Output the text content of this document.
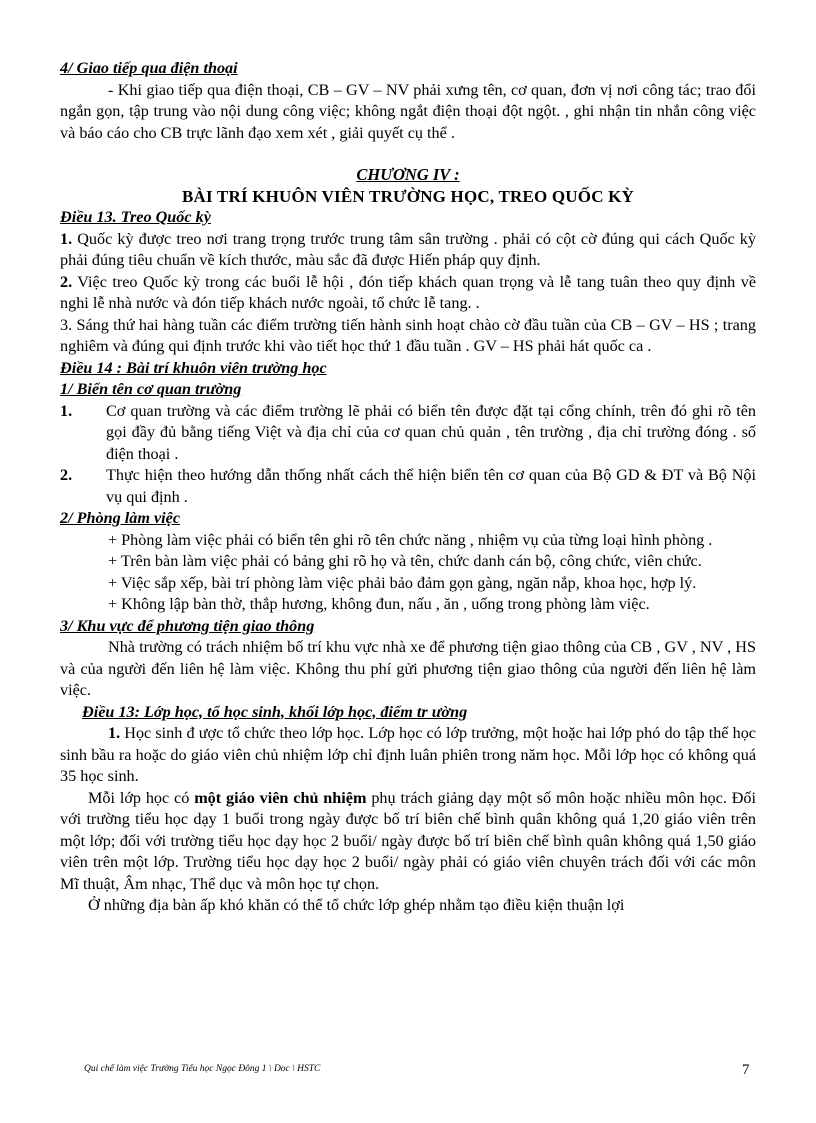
4/ Giao tiếp qua điện thoại

- Khi giao tiếp qua điện thoại, CB – GV – NV phải xưng tên, cơ quan, đơn vị nơi công tác; trao đổi ngắn gọn, tập trung vào nội dung công việc; không ngắt điện thoại đột ngột. , ghi nhận tin nhắn công việc và báo cáo cho CB trực lãnh đạo xem xét , giải quyết cụ thể .

CHƯƠNG IV :

BÀI TRÍ KHUÔN VIÊN TRƯỜNG HỌC, TREO QUỐC KỲ

Điều 13. Treo Quốc kỳ

1. Quốc kỳ được treo nơi trang trọng trước trung tâm sân trường . phải có cột cờ đúng qui cách Quốc kỳ phải đúng tiêu chuẩn về kích thước, màu sắc đã được Hiến pháp quy định.

2. Việc treo Quốc kỳ trong các buổi lễ hội , đón tiếp khách quan trọng và lễ tang tuân theo quy định về nghi lễ nhà nước và đón tiếp khách nước ngoài, tổ chức lễ tang. .

3. Sáng thứ hai hàng tuần các điểm trường tiến hành sinh hoạt chào cờ đầu tuần của CB – GV – HS ; trang nghiêm và đúng qui định trước khi vào tiết học thứ 1 đầu tuần . GV – HS phải hát quốc ca .

Điều 14 : Bài trí khuôn viên trường học

1/ Biển tên cơ quan trường

1.	Cơ quan trường và các điểm trường lẽ phải có biển tên được đặt tại cổng chính, trên đó ghi rõ tên gọi đầy đủ bằng tiếng Việt và địa chỉ của cơ quan chủ quản , tên trường , địa chỉ trường đóng . số điện thoại .
2.	Thực hiện theo hướng dẫn thống nhất cách thể hiện biển tên cơ quan của Bộ GD & ĐT và Bộ Nội vụ qui định .

2/ Phòng làm việc

+ Phòng làm việc phải có biển tên ghi rõ tên chức năng , nhiệm vụ của từng loại hình phòng .

+ Trên bàn làm việc phải có bảng ghi rõ họ và tên, chức danh cán bộ, công chức, viên chức.

+ Việc sắp xếp, bài trí phòng làm việc phải bảo đảm gọn gàng, ngăn nắp, khoa học, hợp lý.

+ Không lập bàn thờ, thắp hương, không đun, nấu , ăn , uống trong phòng làm việc.

3/ Khu vực để phương tiện giao thông

Nhà trường có trách nhiệm bố trí khu vực nhà xe để phương tiện giao thông của CB , GV , NV , HS và của người đến liên hệ làm việc. Không thu phí gửi phương tiện giao thông của người đến liên hệ làm việc.

Điều 13: Lớp học, tổ học sinh, khối lớp học, điểm tr ường

1. Học sinh đ ược tổ chức theo lớp học. Lớp học có lớp trưởng, một hoặc hai lớp phó do tập thể học sinh bầu ra hoặc do giáo viên chủ nhiệm lớp chỉ định luân phiên trong năm học. Mỗi lớp học có không quá 35 học sinh.

Mỗi lớp học có một giáo viên chủ nhiệm phụ trách giảng dạy một số môn hoặc nhiều môn học. Đối với trường tiểu học dạy 1 buổi trong ngày được bố trí biên chế bình quân không quá 1,20 giáo viên trên một lớp; đối với trường tiểu học dạy học 2 buổi/ ngày được bố trí biên chế bình quân không quá 1,50 giáo viên trên một lớp. Trường tiểu học dạy học 2 buổi/ ngày phải có giáo viên chuyên trách đối với các môn Mĩ thuật, Âm nhạc, Thể dục và môn học tự chọn.

Ở những địa bàn ấp khó khăn có thể tổ chức lớp ghép nhằm tạo điều kiện thuận lợi

Qui chế làm việc Trường Tiểu học Ngọc Đông 1 \ Doc \ HSTC	7
